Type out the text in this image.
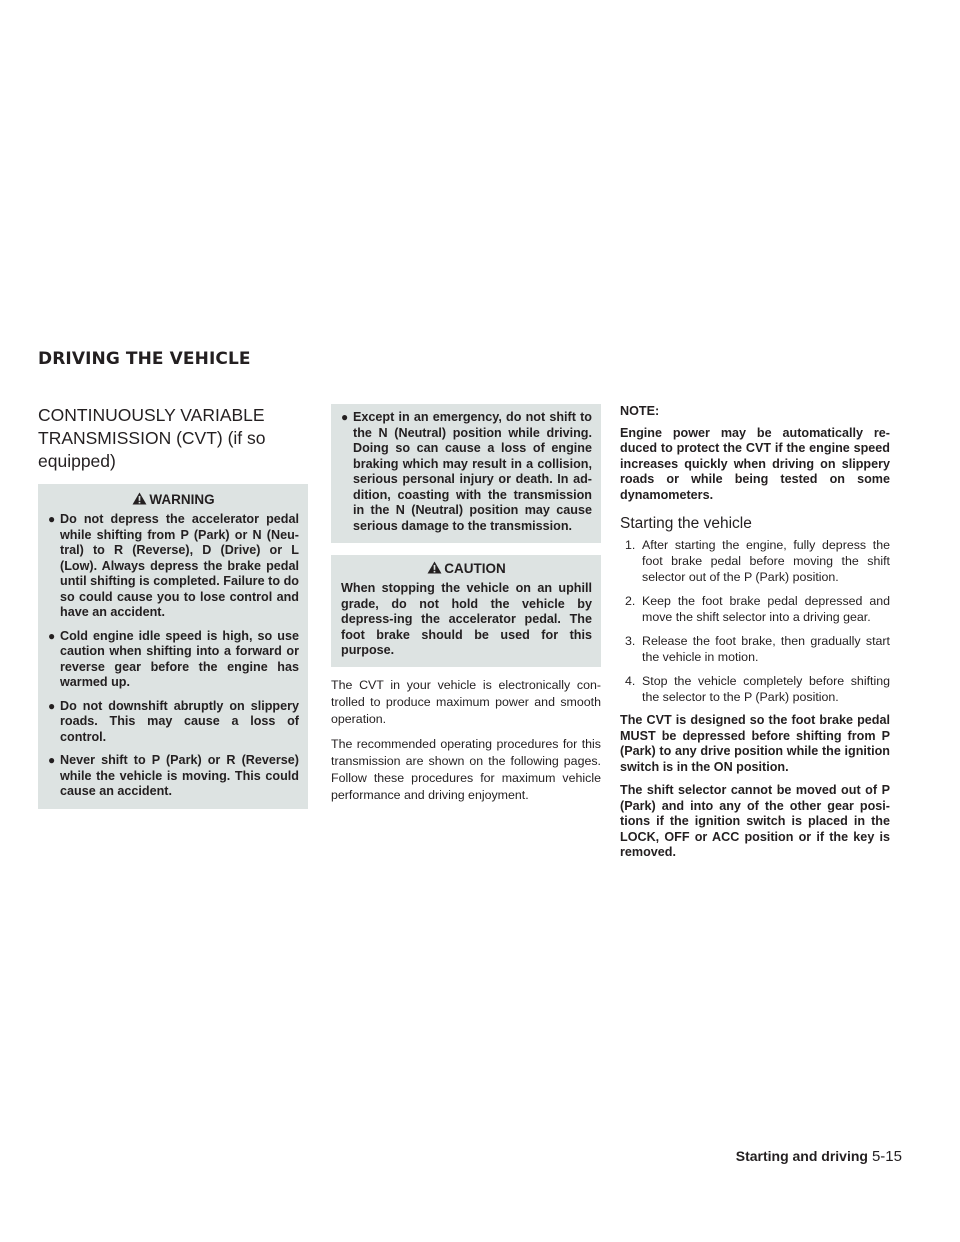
DRIVING THE VEHICLE
CONTINUOUSLY VARIABLE
TRANSMISSION (CVT) (if so
equipped)
WARNING
● Do not depress the accelerator pedal while shifting from P (Park) or N (Neu-tral) to R (Reverse), D (Drive) or L (Low). Always depress the brake pedal until shifting is completed. Failure to do so could cause you to lose control and have an accident.
● Cold engine idle speed is high, so use caution when shifting into a forward or reverse gear before the engine has warmed up.
● Do not downshift abruptly on slippery roads. This may cause a loss of control.
● Never shift to P (Park) or R (Reverse) while the vehicle is moving. This could cause an accident.
● Except in an emergency, do not shift to the N (Neutral) position while driving. Doing so can cause a loss of engine braking which may result in a collision, serious personal injury or death. In ad-dition, coasting with the transmission in the N (Neutral) position may cause serious damage to the transmission.
CAUTION
When stopping the vehicle on an uphill grade, do not hold the vehicle by depress-ing the accelerator pedal. The foot brake should be used for this purpose.

The CVT in your vehicle is electronically con-trolled to produce maximum power and smooth operation.

The recommended operating procedures for this transmission are shown on the following pages. Follow these procedures for maximum vehicle performance and driving enjoyment.

NOTE:

Engine power may be automatically re-duced to protect the CVT if the engine speed increases quickly when driving on slippery roads or while being tested on some dynamometers.

Starting the vehicle
1. After starting the engine, fully depress the foot brake pedal before moving the shift selector out of the P (Park) position.
2. Keep the foot brake pedal depressed and move the shift selector into a driving gear.
3. Release the foot brake, then gradually start the vehicle in motion.
4. Stop the vehicle completely before shifting the selector to the P (Park) position.

The CVT is designed so the foot brake pedal MUST be depressed before shifting from P (Park) to any drive position while the ignition switch is in the ON position.

The shift selector cannot be moved out of P (Park) and into any of the other gear posi-tions if the ignition switch is placed in the LOCK, OFF or ACC position or if the key is removed.

Starting and driving 5-15
